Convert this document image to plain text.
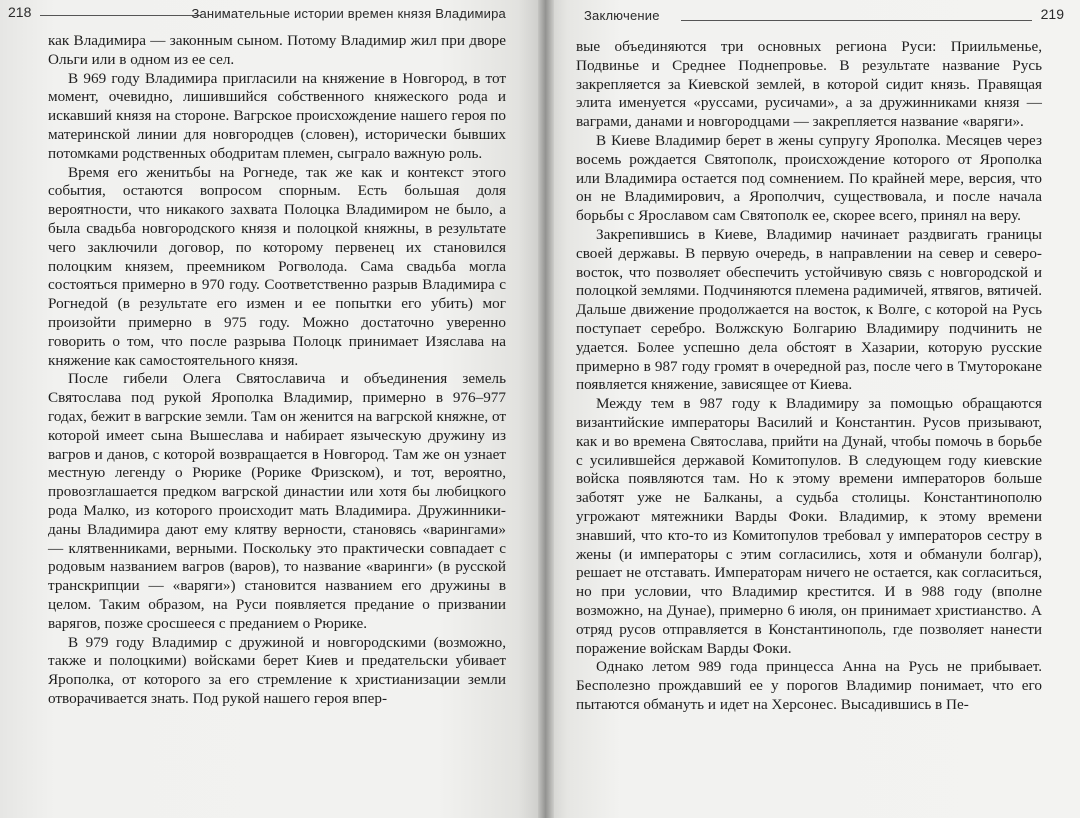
218	Занимательные истории времен князя Владимира

как Владимира — законным сыном. Потому Владимир жил при дворе Ольги или в одном из ее сел.

В 969 году Владимира пригласили на княжение в Новгород, в тот момент, очевидно, лишившийся собственного княжеского рода и искавший князя на стороне. Вагрское происхождение нашего героя по материнской линии для новгородцев (словен), исторически бывших потомками родственных ободритам племен, сыграло важную роль.

Время его женитьбы на Рогнеде, так же как и контекст этого события, остаются вопросом спорным. Есть большая доля вероятности, что никакого захвата Полоцка Владимиром не было, а была свадьба новгородского князя и полоцкой княжны, в результате чего заключили договор, по которому первенец их становился полоцким князем, преемником Рогволода. Сама свадьба могла состояться примерно в 970 году. Соответственно разрыв Владимира с Рогнедой (в результате его измен и ее попытки его убить) мог произойти примерно в 975 году. Можно достаточно уверенно говорить о том, что после разрыва Полоцк принимает Изяслава на княжение как самостоятельного князя.

После гибели Олега Святославича и объединения земель Святослава под рукой Ярополка Владимир, примерно в 976–977 годах, бежит в вагрские земли. Там он женится на вагрской княжне, от которой имеет сына Вышеслава и набирает языческую дружину из вагров и данов, с которой возвращается в Новгород. Там же он узнает местную легенду о Рюрике (Рорике Фризском), и тот, вероятно, провозглашается предком вагрской династии или хотя бы любицкого рода Малко, из которого происходит мать Владимира. Дружинники-даны Владимира дают ему клятву верности, становясь «варингами» — клятвенниками, верными. Поскольку это практически совпадает с родовым названием вагров (варов), то название «варинги» (в русской транскрипции — «варяги») становится названием его дружины в целом. Таким образом, на Руси появляется предание о призвании варягов, позже сросшееся с преданием о Рюрике.

В 979 году Владимир с дружиной и новгородскими (возможно, также и полоцкими) войсками берет Киев и предательски убивает Ярополка, от которого за его стремление к христианизации земли отворачивается знать. Под рукой нашего героя впер-

Заключение	219

вые объединяются три основных региона Руси: Приильменье, Подвинье и Среднее Поднепровье. В результате название Русь закрепляется за Киевской землей, в которой сидит князь. Правящая элита именуется «руссами, русичами», а за дружинниками князя — ваграми, данами и новгородцами — закрепляется название «варяги».

В Киеве Владимир берет в жены супругу Ярополка. Месяцев через восемь рождается Святополк, происхождение которого от Ярополка или Владимира остается под сомнением. По крайней мере, версия, что он не Владимирович, а Ярополчич, существовала, и после начала борьбы с Ярославом сам Святополк ее, скорее всего, принял на веру.

Закрепившись в Киеве, Владимир начинает раздвигать границы своей державы. В первую очередь, в направлении на север и северо-восток, что позволяет обеспечить устойчивую связь с новгородской и полоцкой землями. Подчиняются племена радимичей, ятвягов, вятичей. Дальше движение продолжается на восток, к Волге, с которой на Русь поступает серебро. Волжскую Болгарию Владимиру подчинить не удается. Более успешно дела обстоят в Хазарии, которую русские примерно в 987 году громят в очередной раз, после чего в Тмуторокане появляется княжение, зависящее от Киева.

Между тем в 987 году к Владимиру за помощью обращаются византийские императоры Василий и Константин. Русов призывают, как и во времена Святослава, прийти на Дунай, чтобы помочь в борьбе с усилившейся державой Комитопулов. В следующем году киевские войска появляются там. Но к этому времени императоров больше заботят уже не Балканы, а судьба столицы. Константинополю угрожают мятежники Варды Фоки. Владимир, к этому времени знавший, что кто-то из Комитопулов требовал у императоров сестру в жены (и императоры с этим согласились, хотя и обманули болгар), решает не отставать. Императорам ничего не остается, как согласиться, но при условии, что Владимир крестится. И в 988 году (вполне возможно, на Дунае), примерно 6 июля, он принимает христианство. А отряд русов отправляется в Константинополь, где позволяет нанести поражение войскам Варды Фоки.

Однако летом 989 года принцесса Анна на Русь не прибывает. Бесполезно прождавший ее у порогов Владимир понимает, что его пытаются обмануть и идет на Херсонес. Высадившись в Пе-
